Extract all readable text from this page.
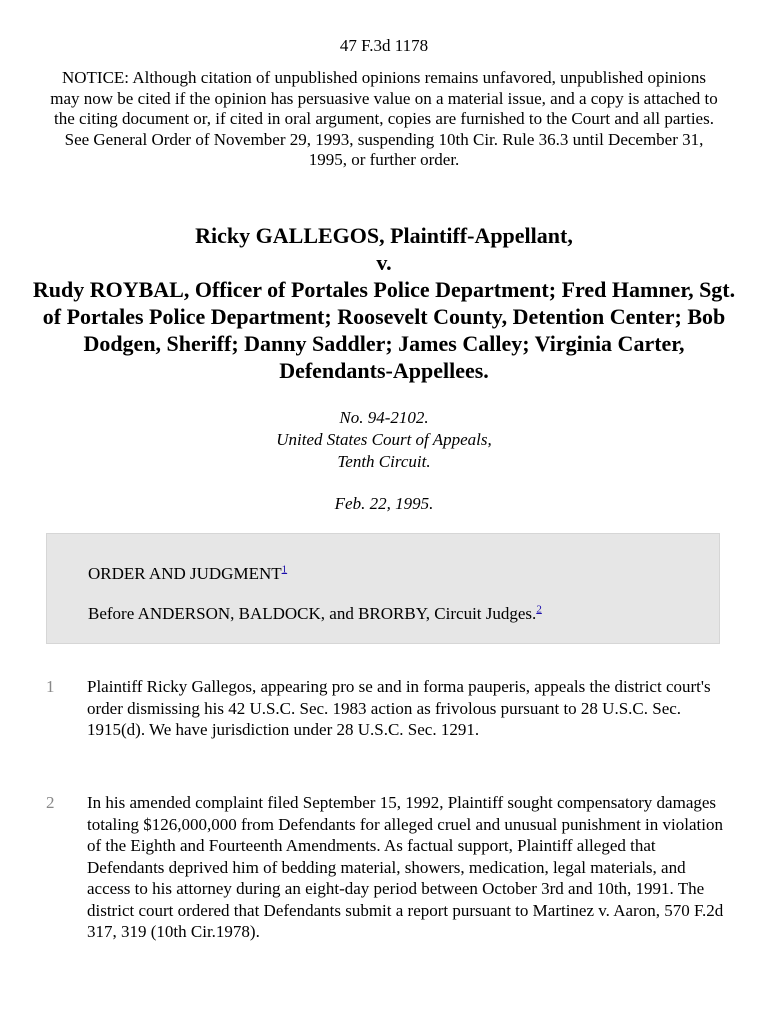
47 F.3d 1178
NOTICE: Although citation of unpublished opinions remains unfavored, unpublished opinions may now be cited if the opinion has persuasive value on a material issue, and a copy is attached to the citing document or, if cited in oral argument, copies are furnished to the Court and all parties. See General Order of November 29, 1993, suspending 10th Cir. Rule 36.3 until December 31, 1995, or further order.
Ricky GALLEGOS, Plaintiff-Appellant,
v.
Rudy ROYBAL, Officer of Portales Police Department; Fred Hamner, Sgt. of Portales Police Department; Roosevelt County, Detention Center; Bob Dodgen, Sheriff; Danny Saddler; James Calley; Virginia Carter, Defendants-Appellees.
No. 94-2102.
United States Court of Appeals,
Tenth Circuit.
Feb. 22, 1995.
ORDER AND JUDGMENT$^1$
Before ANDERSON, BALDOCK, and BRORBY, Circuit Judges.$^2$
1	Plaintiff Ricky Gallegos, appearing pro se and in forma pauperis, appeals the district court's order dismissing his 42 U.S.C. Sec. 1983 action as frivolous pursuant to 28 U.S.C. Sec. 1915(d). We have jurisdiction under 28 U.S.C. Sec. 1291.
2	In his amended complaint filed September 15, 1992, Plaintiff sought compensatory damages totaling $126,000,000 from Defendants for alleged cruel and unusual punishment in violation of the Eighth and Fourteenth Amendments. As factual support, Plaintiff alleged that Defendants deprived him of bedding material, showers, medication, legal materials, and access to his attorney during an eight-day period between October 3rd and 10th, 1991. The district court ordered that Defendants submit a report pursuant to Martinez v. Aaron, 570 F.2d 317, 319 (10th Cir.1978).
